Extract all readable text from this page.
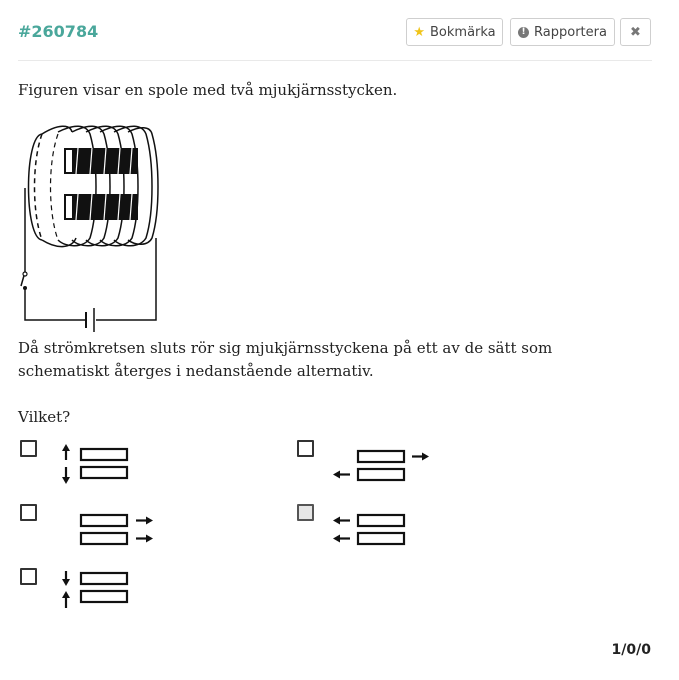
#260784	★ Bokmärka	! Rapportera ✖
Figuren visar en spole med två mjukjärnsstycken.
Då strömkretsen sluts rör sig mjukjärnsstyckena på ett av de sätt som schematiskt återges i nedanstående alternativ.
Vilket?
1/0/0
